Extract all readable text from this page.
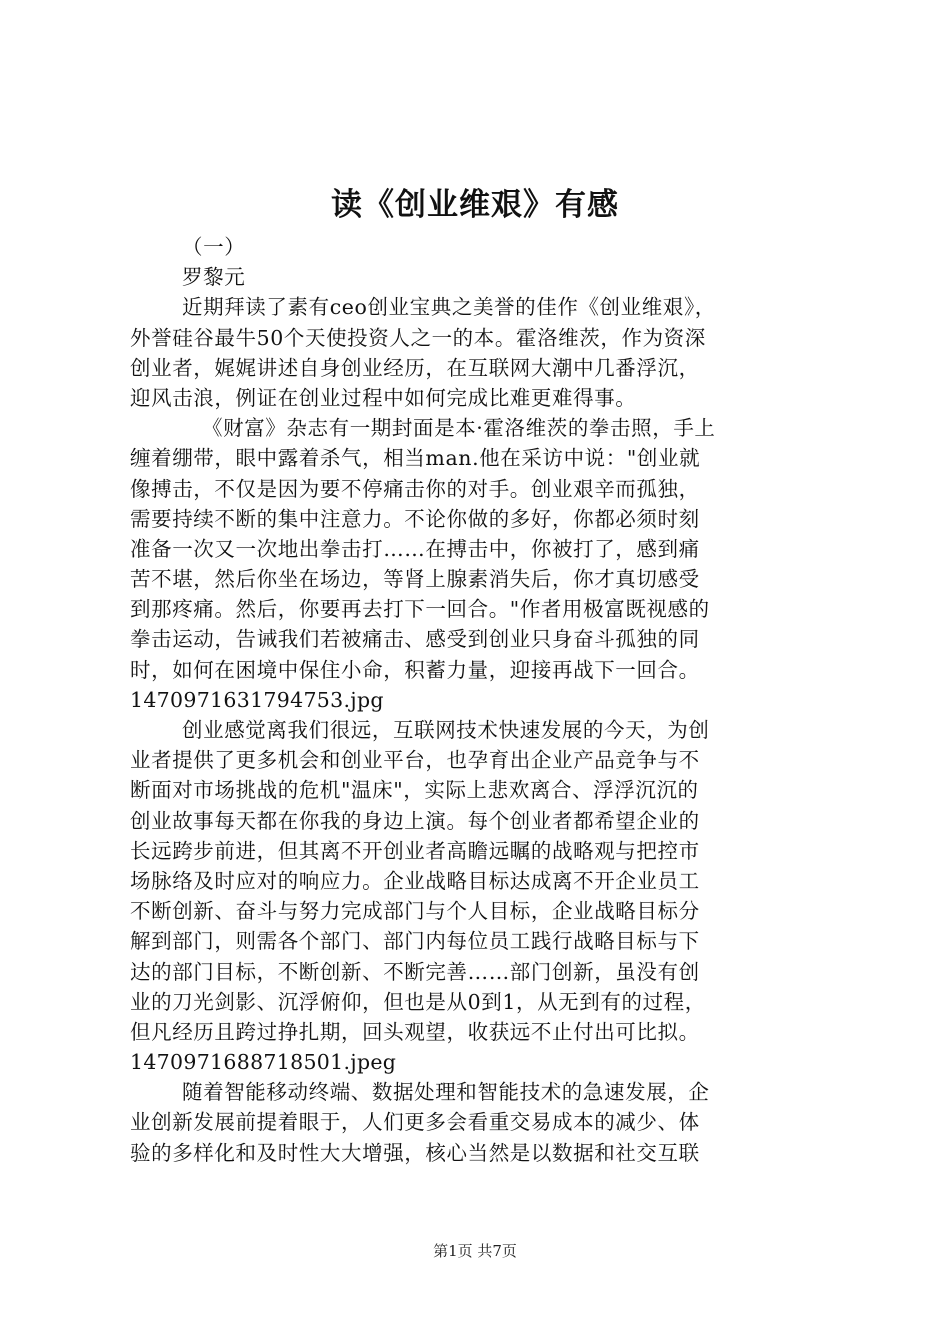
读《创业维艰》有感
（一）
罗黎元
近期拜读了素有ceo创业宝典之美誉的佳作《创业维艰》，
外誉硅谷最牛50个天使投资人之一的本。霍洛维茨，作为资深
创业者，娓娓讲述自身创业经历，在互联网大潮中几番浮沉，
迎风击浪，例证在创业过程中如何完成比难更难得事。
《财富》杂志有一期封面是本·霍洛维茨的拳击照，手上
缠着绷带，眼中露着杀气，相当man.他在采访中说："创业就
像搏击，不仅是因为要不停痛击你的对手。创业艰辛而孤独，
需要持续不断的集中注意力。不论你做的多好，你都必须时刻
准备一次又一次地出拳击打……在搏击中，你被打了，感到痛
苦不堪，然后你坐在场边，等肾上腺素消失后，你才真切感受
到那疼痛。然后，你要再去打下一回合。"作者用极富既视感的
拳击运动，告诫我们若被痛击、感受到创业只身奋斗孤独的同
时，如何在困境中保住小命，积蓄力量，迎接再战下一回合。
1470971631794753.jpg
创业感觉离我们很远，互联网技术快速发展的今天，为创
业者提供了更多机会和创业平台，也孕育出企业产品竞争与不
断面对市场挑战的危机"温床"，实际上悲欢离合、浮浮沉沉的
创业故事每天都在你我的身边上演。每个创业者都希望企业的
长远跨步前进，但其离不开创业者高瞻远瞩的战略观与把控市
场脉络及时应对的响应力。企业战略目标达成离不开企业员工
不断创新、奋斗与努力完成部门与个人目标，企业战略目标分
解到部门，则需各个部门、部门内每位员工践行战略目标与下
达的部门目标，不断创新、不断完善……部门创新，虽没有创
业的刀光剑影、沉浮俯仰，但也是从0到1，从无到有的过程，
但凡经历且跨过挣扎期，回头观望，收获远不止付出可比拟。
1470971688718501.jpeg
随着智能移动终端、数据处理和智能技术的急速发展，企
业创新发展前提着眼于，人们更多会看重交易成本的减少、体
验的多样化和及时性大大增强，核心当然是以数据和社交互联
第1页 共7页
